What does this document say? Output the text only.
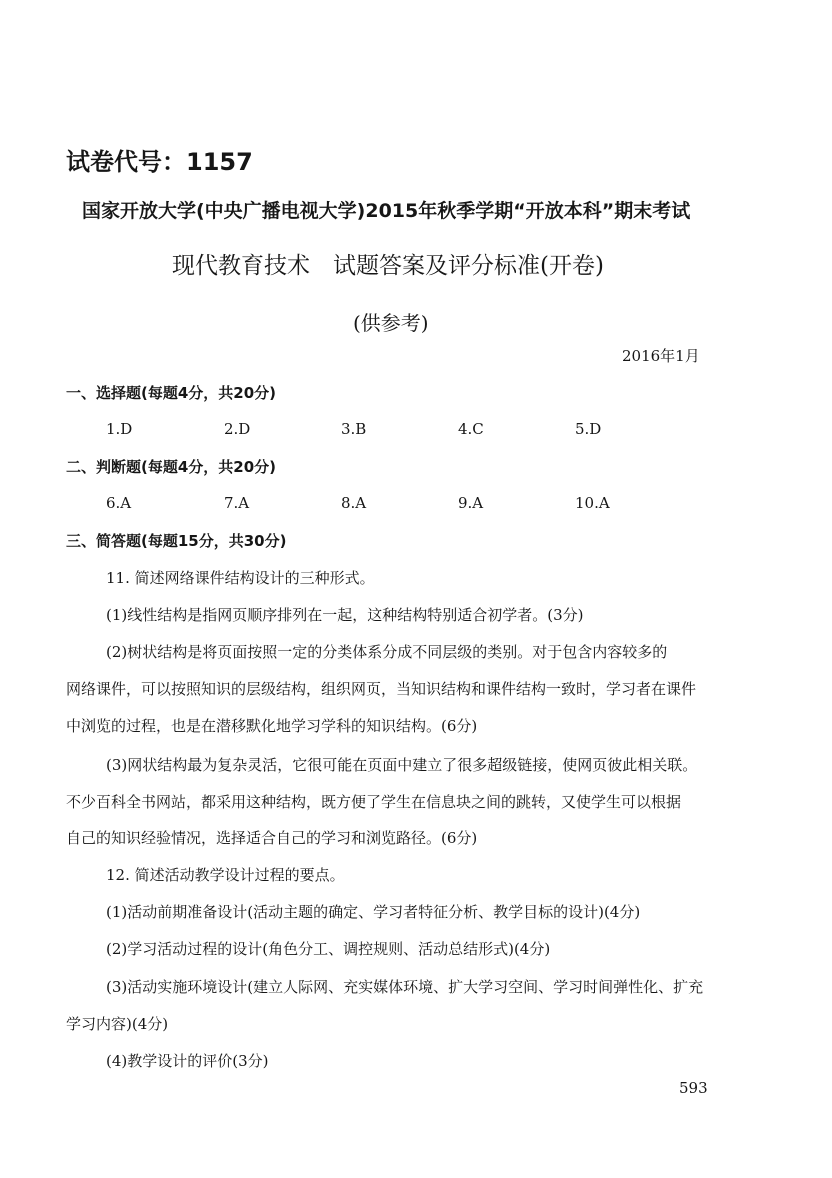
试卷代号：1157
国家开放大学(中央广播电视大学)2015年秋季学期“开放本科”期末考试
现代教育技术　试题答案及评分标准(开卷)
(供参考)
2016年1月
一、选择题(每题4分，共20分)
1.D	2.D	3.B	4.C	5.D
二、判断题(每题4分，共20分)
6.A	7.A	8.A	9.A	10.A
三、简答题(每题15分，共30分)
11. 简述网络课件结构设计的三种形式。
(1)线性结构是指网页顺序排列在一起，这种结构特别适合初学者。(3分)
(2)树状结构是将页面按照一定的分类体系分成不同层级的类别。对于包含内容较多的
网络课件，可以按照知识的层级结构，组织网页，当知识结构和课件结构一致时，学习者在课件
中浏览的过程，也是在潜移默化地学习学科的知识结构。(6分)
(3)网状结构最为复杂灵活，它很可能在页面中建立了很多超级链接，使网页彼此相关联。
不少百科全书网站，都采用这种结构，既方便了学生在信息块之间的跳转，又使学生可以根据
自己的知识经验情况，选择适合自己的学习和浏览路径。(6分)
12. 简述活动教学设计过程的要点。
(1)活动前期准备设计(活动主题的确定、学习者特征分析、教学目标的设计)(4分)
(2)学习活动过程的设计(角色分工、调控规则、活动总结形式)(4分)
(3)活动实施环境设计(建立人际网、充实媒体环境、扩大学习空间、学习时间弹性化、扩充
学习内容)(4分)
(4)教学设计的评价(3分)
593
